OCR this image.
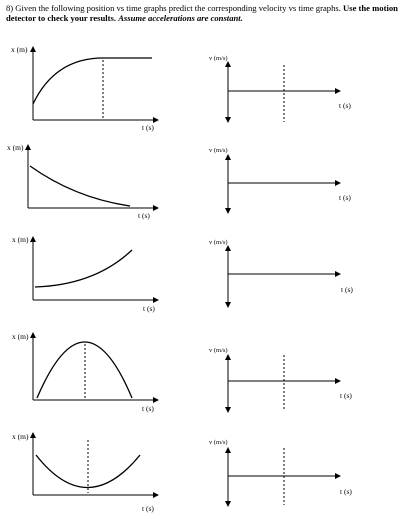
8) Given the following position vs time graphs predict the corresponding velocity vs time graphs. Use the motion detector to check your results. Assume accelerations are constant.
x (m)
t (s)
v (m/s)
t (s)
x (m)
t (s)
v (m/s)
t (s)
x (m)
t (s)
v (m/s)
t (s)
x (m)
t (s)
v (m/s)
t (s)
x (m)
t (s)
v (m/s)
t (s)
